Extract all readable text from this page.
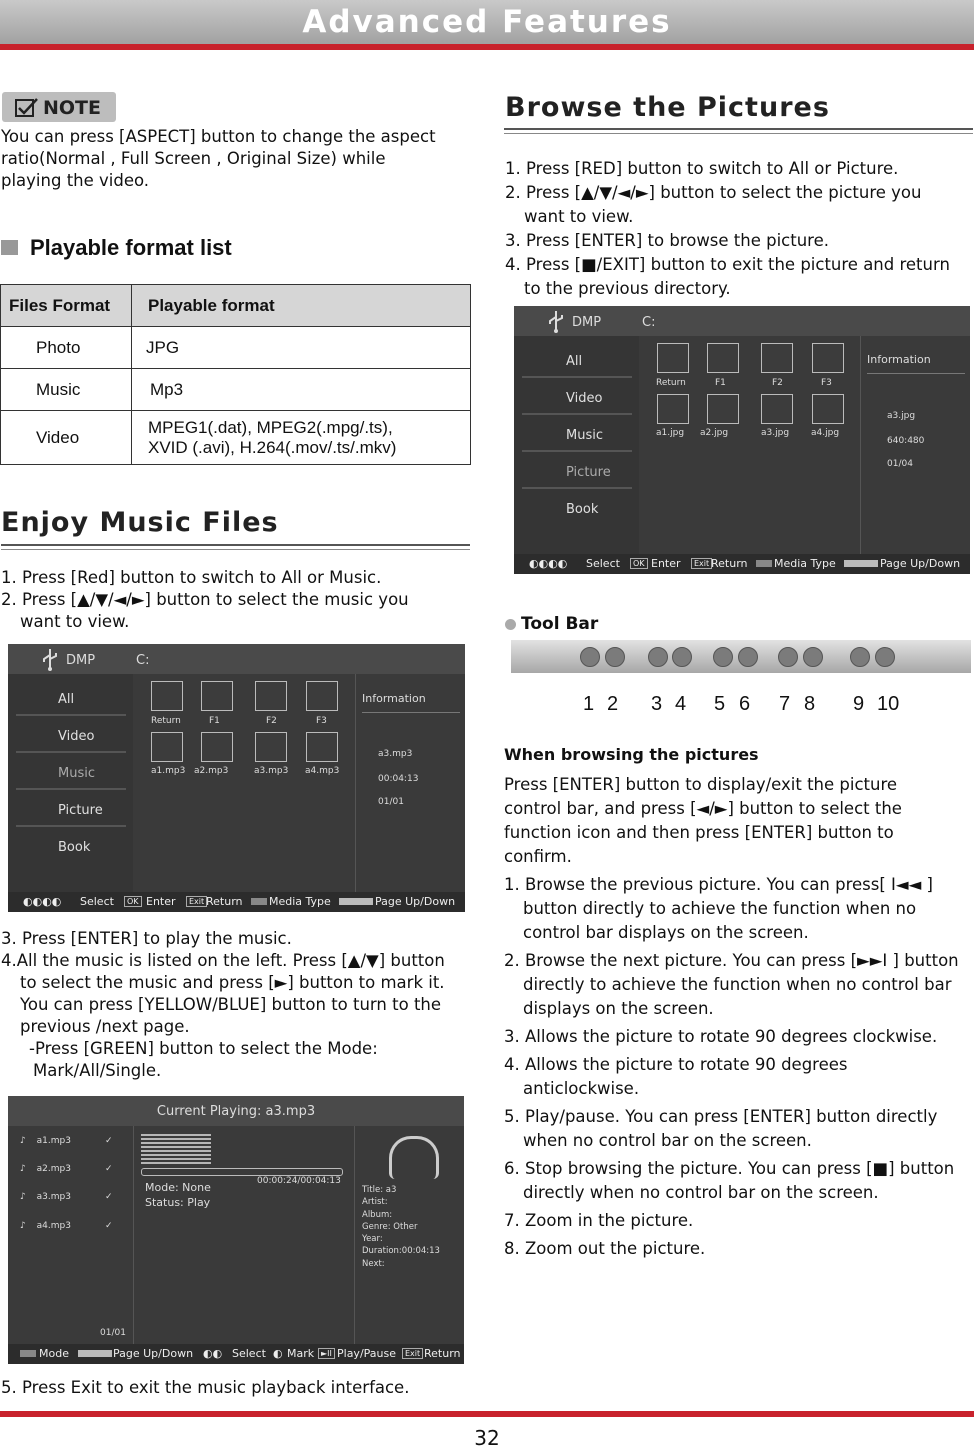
Advanced Features
NOTE
You can press [ASPECT] button to change the aspect
ratio(Normal , Full Screen , Original Size) while
playing the video.
Playable format list
Files Format	Playable format
Photo	JPG
Music	Mp3
Video	MPEG1(.dat), MPEG2(.mpg/.ts),
XVID (.avi), H.264(.mov/.ts/.mkv)
Enjoy Music Files
1. Press [Red] button to switch to All or Music.
2. Press [▲/▼/◄/►] button to select the music you
want to view.
DMP	C:
All
Video
Music
Picture
Book
Return	F1	F2	F3
a1.mp3 a2.mp3	a3.mp3 a4.mp3
Information
a3.mp3
00:04:13
01/01
◐◐◐◐ Select	OK Enter	Exit Return Media Type	Page Up/Down
3. Press [ENTER] to play the music.
4.All the music is listed on the left. Press [▲/▼] button
to select the music and press [►] button to mark it.
You can press [YELLOW/BLUE] button to turn to the
previous /next page.
-Press [GREEN] button to select the Mode:
Mark/All/Single.
Current Playing: a3.mp3
♪ a1.mp3	✓
♪ a2.mp3	✓
♪ a3.mp3	✓
♪ a4.mp3	✓
01/01
00:00:24/00:04:13
Mode: None
Status: Play
Title: a3
Artist:
Album:
Genre: Other
Year:
Duration:00:04:13
Next:
Mode	Page Up/Down ◐◐ Select ◐ Mark ►II Play/Pause	Exit Return
5. Press Exit to exit the music playback interface.
Browse the Pictures
1. Press [RED] button to switch to All or Picture.
2. Press [▲/▼/◄/►] button to select the picture you
want to view.
3. Press [ENTER] to browse the picture.
4. Press [■/EXIT] button to exit the picture and return
to the previous directory.
DMP	C:
All
Video
Music
Picture
Book
Return	F1	F2	F3
a1.jpg a2.jpg	a3.jpg a4.jpg
Information
a3.jpg
640:480
01/04
◐◐◐◐ Select	OK Enter	Exit Return Media Type	Page Up/Down
Tool Bar
1 2 3 4 5 6 7 8 9 10
When browsing the pictures
Press [ENTER] button to display/exit the picture
control bar, and press [◄/►] button to select the
function icon and then press [ENTER] button to
confirm.
1. Browse the previous picture. You can press[ I◄◄ ]
button directly to achieve the function when no
control bar displays on the screen.
2. Browse the next picture. You can press [►►I ] button
directly to achieve the function when no control bar
displays on the screen.
3. Allows the picture to rotate 90 degrees clockwise.
4. Allows the picture to rotate 90 degrees
anticlockwise.
5. Play/pause. You can press [ENTER] button directly
when no control bar on the screen.
6. Stop browsing the picture. You can press [■] button
directly when no control bar on the screen.
7. Zoom in the picture.
8. Zoom out the picture.
32
